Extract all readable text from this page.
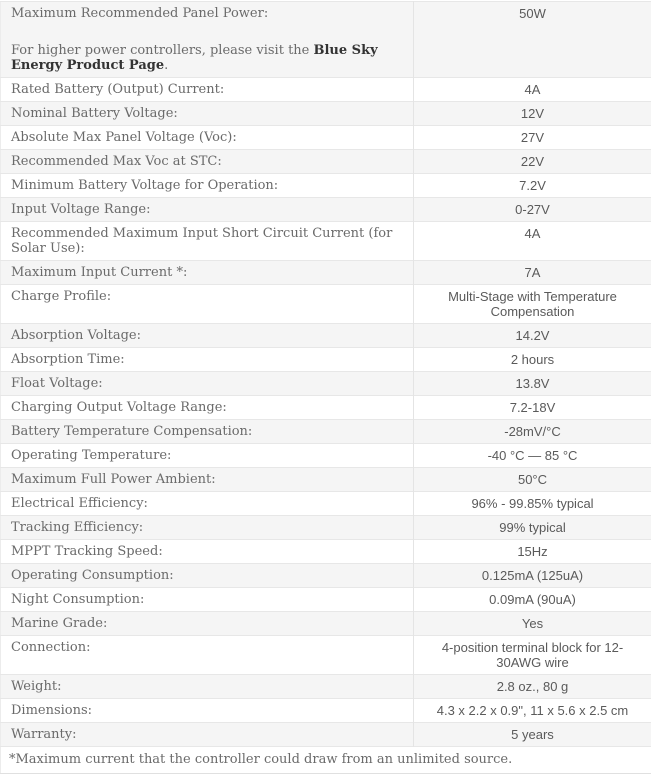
Maximum Recommended Panel Power:
For higher power controllers, please visit the Blue Sky Energy Product Page.	50W
Rated Battery (Output) Current:	4A
Nominal Battery Voltage:	12V
Absolute Max Panel Voltage (Voc):	27V
Recommended Max Voc at STC:	22V
Minimum Battery Voltage for Operation:	7.2V
Input Voltage Range:	0-27V
Recommended Maximum Input Short Circuit Current (for Solar Use):	4A
Maximum Input Current *:	7A
Charge Profile:	Multi-Stage with Temperature Compensation
Absorption Voltage:	14.2V
Absorption Time:	2 hours
Float Voltage:	13.8V
Charging Output Voltage Range:	7.2-18V
Battery Temperature Compensation:	-28mV/°C
Operating Temperature:	-40 °C — 85 °C
Maximum Full Power Ambient:	50°C
Electrical Efficiency:	96% - 99.85% typical
Tracking Efficiency:	99% typical
MPPT Tracking Speed:	15Hz
Operating Consumption:	0.125mA (125uA)
Night Consumption:	0.09mA (90uA)
Marine Grade:	Yes
Connection:	4-position terminal block for 12-30AWG wire
Weight:	2.8 oz., 80 g
Dimensions:	4.3 x 2.2 x 0.9", 11 x 5.6 x 2.5 cm
Warranty:	5 years
*Maximum current that the controller could draw from an unlimited source.	
